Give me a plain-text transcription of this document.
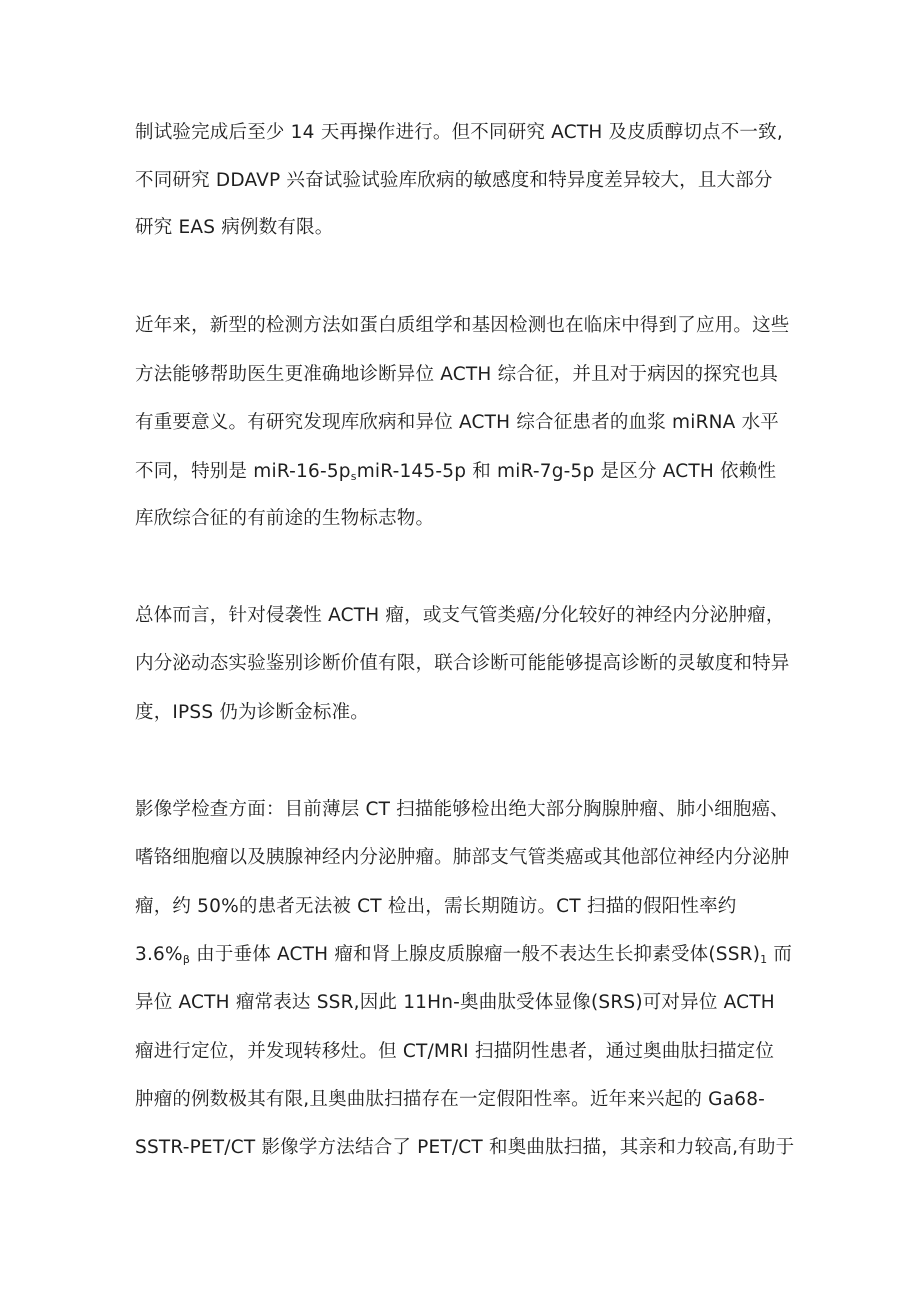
制试验完成后至少 14 天再操作进行。但不同研究 ACTH 及皮质醇切点不一致,
不同研究 DDAVP 兴奋试验试验库欣病的敏感度和特异度差异较大，且大部分
研究 EAS 病例数有限。
近年来，新型的检测方法如蛋白质组学和基因检测也在临床中得到了应用。这些
方法能够帮助医生更准确地诊断异位 ACTH 综合征，并且对于病因的探究也具
有重要意义。有研究发现库欣病和异位 ACTH 综合征患者的血浆 miRNA 水平
不同，特别是 miR-$16-5p_smiR-145-5p$ 和 miR-7g-5p 是区分 ACTH 依赖性
库欣综合征的有前途的生物标志物。
总体而言，针对侵袭性 ACTH 瘤，或支气管类癌/分化较好的神经内分泌肿瘤，
内分泌动态实验鉴别诊断价值有限，联合诊断可能能够提高诊断的灵敏度和特异
度，IPSS 仍为诊断金标准。
影像学检查方面：目前薄层 CT 扫描能够检出绝大部分胸腺肿瘤、肺小细胞癌、
嗜铬细胞瘤以及胰腺神经内分泌肿瘤。肺部支气管类癌或其他部位神经内分泌肿
瘤，约 50%的患者无法被 CT 检出，需长期随访。CT 扫描的假阳性率约
$3.6\%_\beta$ 由于垂体 ACTH 瘤和肾上腺皮质腺瘤一般不表达生长抑素受体$(SSR)_1$ 而
异位 ACTH 瘤常表达 SSR,因此 11Hn-奥曲肽受体显像(SRS)可对异位 ACTH
瘤进行定位，并发现转移灶。但 CT/MRI 扫描阴性患者，通过奥曲肽扫描定位
肿瘤的例数极其有限,且奥曲肽扫描存在一定假阳性率。近年来兴起的 Ga68-
SSTR-PET/CT 影像学方法结合了 PET/CT 和奥曲肽扫描，其亲和力较高,有助于
